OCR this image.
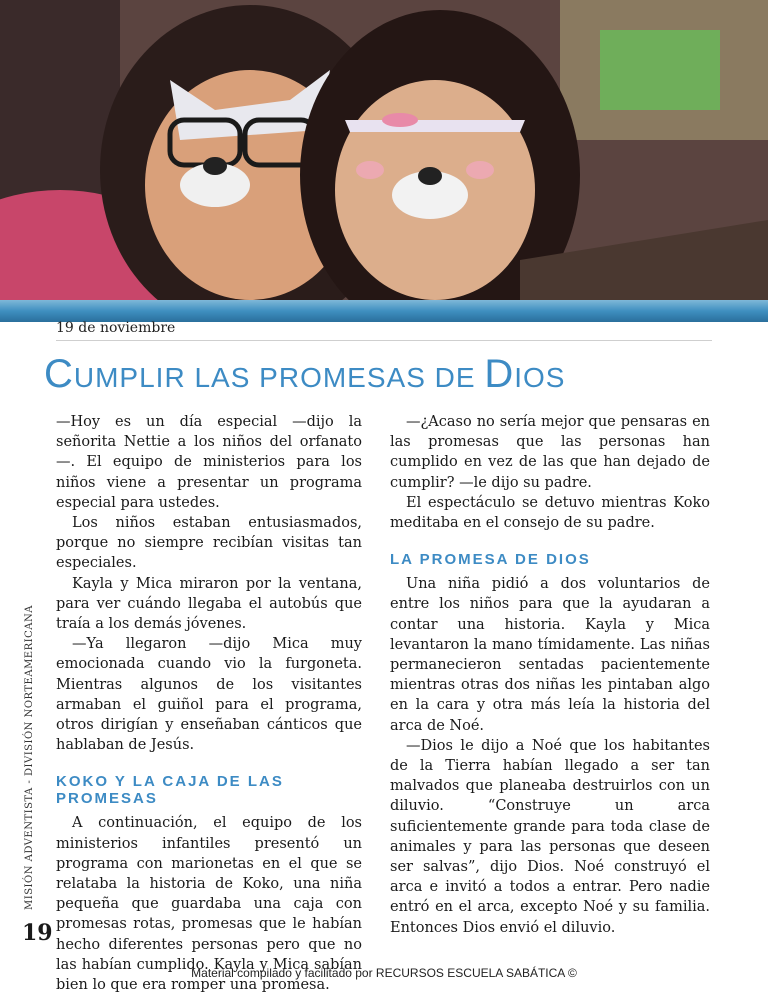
19 de noviembre
CUMPLIR LAS PROMESAS DE DIOS

—Hoy es un día especial —dijo la señorita Nettie a los niños del orfanato—. El equipo de ministerios para los niños viene a presentar un programa especial para ustedes.

Los niños estaban entusiasmados, porque no siempre recibían visitas tan especiales.

Kayla y Mica miraron por la ventana, para ver cuándo llegaba el autobús que traía a los demás jóvenes.

—Ya llegaron —dijo Mica muy emocionada cuando vio la furgoneta. Mientras algunos de los visitantes armaban el guiñol para el programa, otros dirigían y enseñaban cánticos que hablaban de Jesús.

KOKO Y LA CAJA DE LAS PROMESAS

A continuación, el equipo de los ministerios infantiles presentó un programa con marionetas en el que se relataba la historia de Koko, una niña pequeña que guardaba una caja con promesas rotas, promesas que le habían hecho diferentes personas pero que no las habían cumplido. Kayla y Mica sabían bien lo que era romper una promesa.

—¿Acaso no sería mejor que pensaras en las promesas que las personas han cumplido en vez de las que han dejado de cumplir? —le dijo su padre.

El espectáculo se detuvo mientras Koko meditaba en el consejo de su padre.

LA PROMESA DE DIOS

Una niña pidió a dos voluntarios de entre los niños para que la ayudaran a contar una historia. Kayla y Mica levantaron la mano tímidamente. Las niñas permanecieron sentadas pacientemente mientras otras dos niñas les pintaban algo en la cara y otra más leía la historia del arca de Noé.

—Dios le dijo a Noé que los habitantes de la Tierra habían llegado a ser tan malvados que planeaba destruirlos con un diluvio. “Construye un arca suficientemente grande para toda clase de animales y para las personas que deseen ser salvas”, dijo Dios. Noé construyó el arca e invitó a todos a entrar. Pero nadie entró en el arca, excepto Noé y su familia. Entonces Dios envió el diluvio.

MISIÓN ADVENTISTA - DIVISIÓN NORTEAMERICANA
19
Material compilado y facilitado por RECURSOS ESCUELA SABÁTICA ©
